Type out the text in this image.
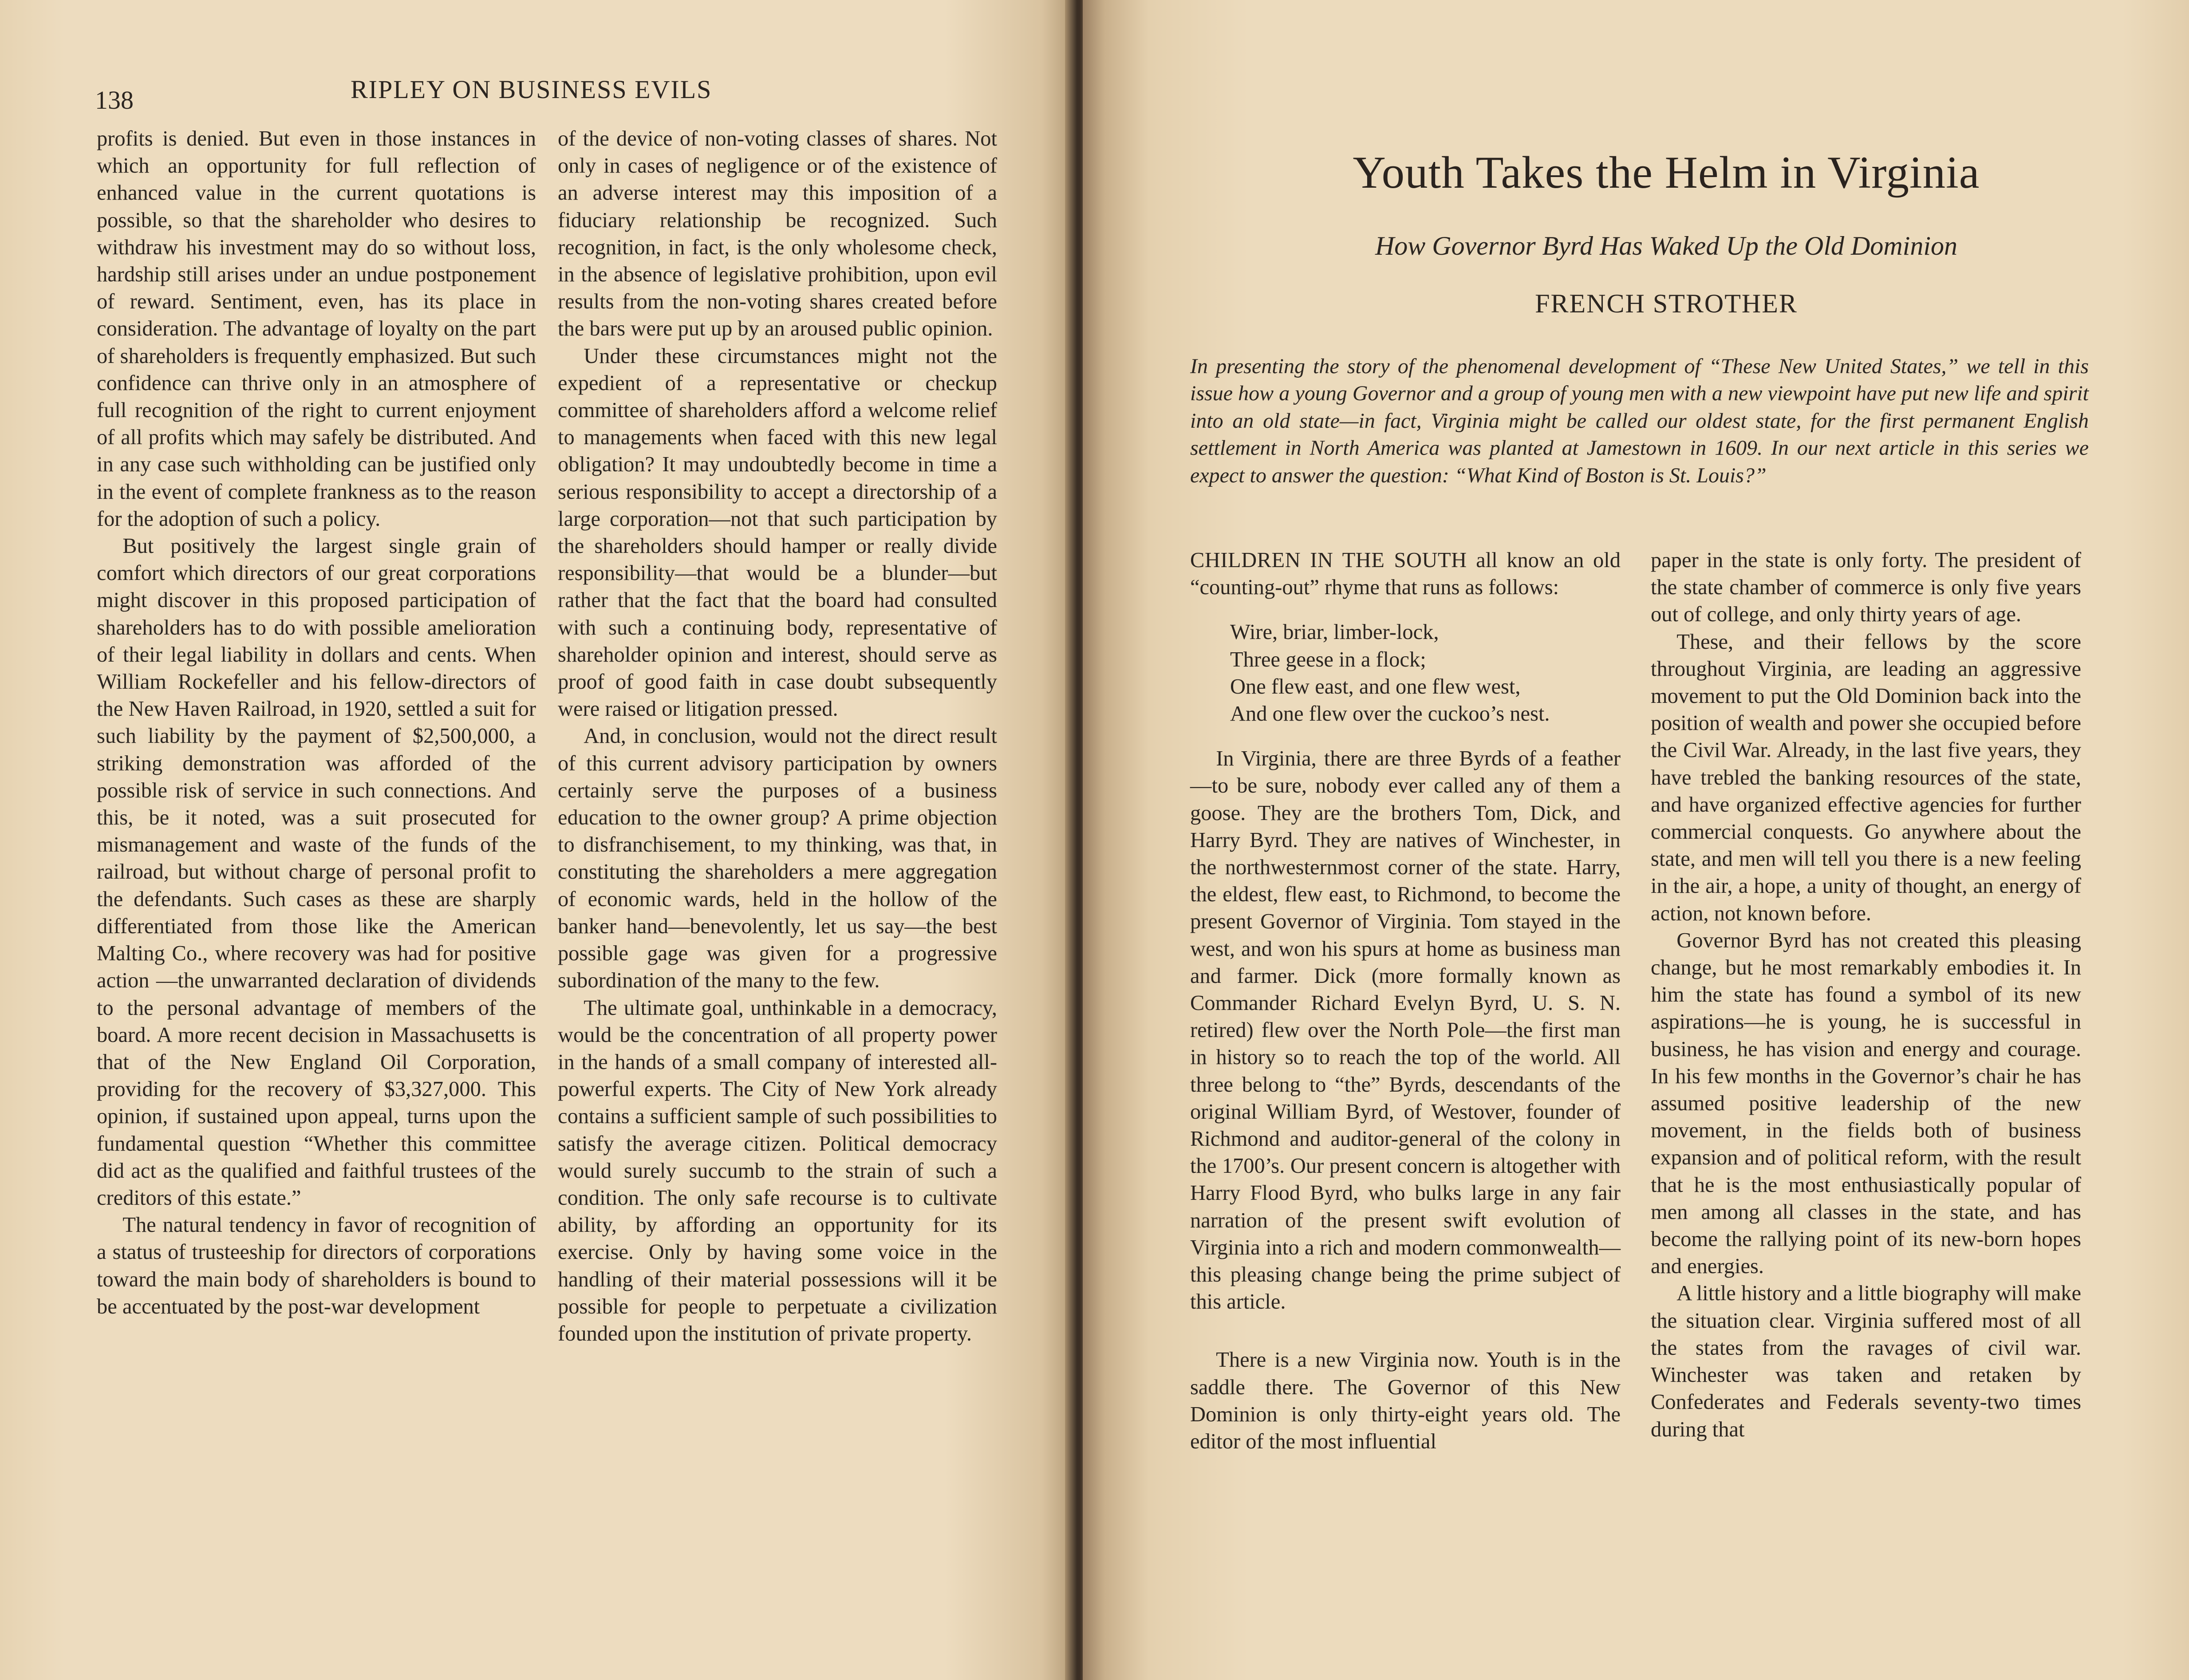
138	RIPLEY ON BUSINESS EVILS

profits is denied. But even in those instances in which an opportunity for full reflection of enhanced value in the current quotations is possible, so that the shareholder who desires to withdraw his investment may do so without loss, hardship still arises under an undue postponement of reward. Sentiment, even, has its place in consideration. The advantage of loyalty on the part of shareholders is frequently emphasized. But such confidence can thrive only in an atmosphere of full recognition of the right to current enjoyment of all profits which may safely be distributed. And in any case such withholding can be justified only in the event of complete frankness as to the reason for the adoption of such a policy.

But positively the largest single grain of comfort which directors of our great corporations might discover in this proposed participation of shareholders has to do with possible amelioration of their legal liability in dollars and cents. When William Rockefeller and his fellow-directors of the New Haven Railroad, in 1920, settled a suit for such liability by the payment of $2,500,000, a striking demonstration was afforded of the possible risk of service in such connections. And this, be it noted, was a suit prosecuted for mismanagement and waste of the funds of the railroad, but without charge of personal profit to the defendants. Such cases as these are sharply differentiated from those like the American Malting Co., where recovery was had for positive action —the unwarranted declaration of dividends to the personal advantage of members of the board. A more recent decision in Massachusetts is that of the New England Oil Corporation, providing for the recovery of $3,327,000. This opinion, if sustained upon appeal, turns upon the fundamental question “Whether this committee did act as the qualified and faithful trustees of the creditors of this estate.”

The natural tendency in favor of recognition of a status of trusteeship for directors of corporations toward the main body of shareholders is bound to be accentuated by the post-war development

of the device of non-voting classes of shares. Not only in cases of negligence or of the existence of an adverse interest may this imposition of a fiduciary relationship be recognized. Such recognition, in fact, is the only wholesome check, in the absence of legislative prohibition, upon evil results from the non-voting shares created before the bars were put up by an aroused public opinion.

Under these circumstances might not the expedient of a representative or checkup committee of shareholders afford a welcome relief to managements when faced with this new legal obligation? It may undoubtedly become in time a serious responsibility to accept a directorship of a large corporation—not that such participation by the shareholders should hamper or really divide responsibility—that would be a blunder—but rather that the fact that the board had consulted with such a continuing body, representative of shareholder opinion and interest, should serve as proof of good faith in case doubt subsequently were raised or litigation pressed.

And, in conclusion, would not the direct result of this current advisory participation by owners certainly serve the purposes of a business education to the owner group? A prime objection to disfranchisement, to my thinking, was that, in constituting the shareholders a mere aggregation of economic wards, held in the hollow of the banker hand—benevolently, let us say—the best possible gage was given for a progressive subordination of the many to the few.

The ultimate goal, unthinkable in a democracy, would be the concentration of all property power in the hands of a small company of interested all-powerful experts. The City of New York already contains a sufficient sample of such possibilities to satisfy the average citizen. Political democracy would surely succumb to the strain of such a condition. The only safe recourse is to cultivate ability, by affording an opportunity for its exercise. Only by having some voice in the handling of their material possessions will it be possible for people to perpetuate a civilization founded upon the institution of private property.

Youth Takes the Helm in Virginia
How Governor Byrd Has Waked Up the Old Dominion
FRENCH STROTHER
In presenting the story of the phenomenal development of “These New United States,” we tell in this issue how a young Governor and a group of young men with a new viewpoint have put new life and spirit into an old state—in fact, Virginia might be called our oldest state, for the first permanent English settlement in North America was planted at Jamestown in 1609. In our next article in this series we expect to answer the question: “What Kind of Boston is St. Louis?”

CHILDREN IN THE SOUTH all know an old “counting-out” rhyme that runs as follows:

Wire, briar, limber-lock,
Three geese in a flock;
One flew east, and one flew west,
And one flew over the cuckoo’s nest.

In Virginia, there are three Byrds of a feather—to be sure, nobody ever called any of them a goose. They are the brothers Tom, Dick, and Harry Byrd. They are natives of Winchester, in the northwesternmost corner of the state. Harry, the eldest, flew east, to Richmond, to become the present Governor of Virginia. Tom stayed in the west, and won his spurs at home as business man and farmer. Dick (more formally known as Commander Richard Evelyn Byrd, U. S. N. retired) flew over the North Pole—the first man in history so to reach the top of the world. All three belong to “the” Byrds, descendants of the original William Byrd, of Westover, founder of Richmond and auditor-general of the colony in the 1700’s. Our present concern is altogether with Harry Flood Byrd, who bulks large in any fair narration of the present swift evolution of Virginia into a rich and modern commonwealth—this pleasing change being the prime subject of this article.

There is a new Virginia now. Youth is in the saddle there. The Governor of this New Dominion is only thirty-eight years old. The editor of the most influential

paper in the state is only forty. The president of the state chamber of commerce is only five years out of college, and only thirty years of age.

These, and their fellows by the score throughout Virginia, are leading an aggressive movement to put the Old Dominion back into the position of wealth and power she occupied before the Civil War. Already, in the last five years, they have trebled the banking resources of the state, and have organized effective agencies for further commercial conquests. Go anywhere about the state, and men will tell you there is a new feeling in the air, a hope, a unity of thought, an energy of action, not known before.

Governor Byrd has not created this pleasing change, but he most remarkably embodies it. In him the state has found a symbol of its new aspirations—he is young, he is successful in business, he has vision and energy and courage. In his few months in the Governor’s chair he has assumed positive leadership of the new movement, in the fields both of business expansion and of political reform, with the result that he is the most enthusiastically popular of men among all classes in the state, and has become the rallying point of its new-born hopes and energies.

A little history and a little biography will make the situation clear. Virginia suffered most of all the states from the ravages of civil war. Winchester was taken and retaken by Confederates and Federals seventy-two times during that
